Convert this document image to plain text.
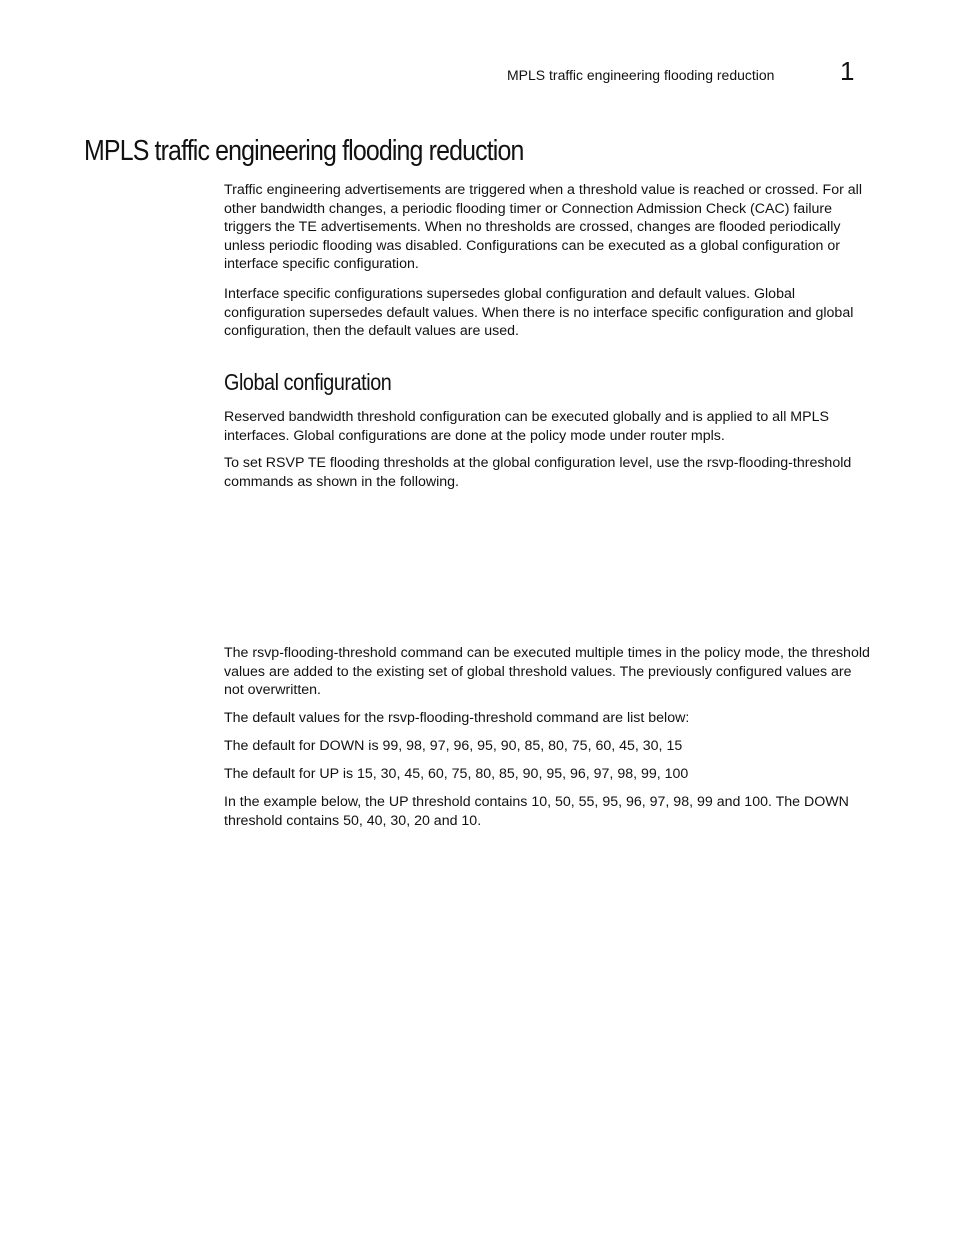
MPLS traffic engineering flooding reduction	1
MPLS traffic engineering flooding reduction

Traffic engineering advertisements are triggered when a threshold value is reached or crossed. For all other bandwidth changes, a periodic flooding timer or Connection Admission Check (CAC) failure triggers the TE advertisements. When no thresholds are crossed, changes are flooded periodically unless periodic flooding was disabled. Configurations can be executed as a global configuration or interface specific configuration.

Interface specific configurations supersedes global configuration and default values. Global configuration supersedes default values. When there is no interface specific configuration and global configuration, then the default values are used.

Global configuration

Reserved bandwidth threshold configuration can be executed globally and is applied to all MPLS interfaces. Global configurations are done at the policy mode under router mpls.

To set RSVP TE flooding thresholds at the global configuration level, use the rsvp-flooding-threshold commands as shown in the following.

The rsvp-flooding-threshold command can be executed multiple times in the policy mode, the threshold values are added to the existing set of global threshold values. The previously configured values are not overwritten.

The default values for the rsvp-flooding-threshold command are list below:

The default for DOWN is 99, 98, 97, 96, 95, 90, 85, 80, 75, 60, 45, 30, 15

The default for UP is 15, 30, 45, 60, 75, 80, 85, 90, 95, 96, 97, 98, 99, 100

In the example below, the UP threshold contains 10, 50, 55, 95, 96, 97, 98, 99 and 100. The DOWN threshold contains 50, 40, 30, 20 and 10.
